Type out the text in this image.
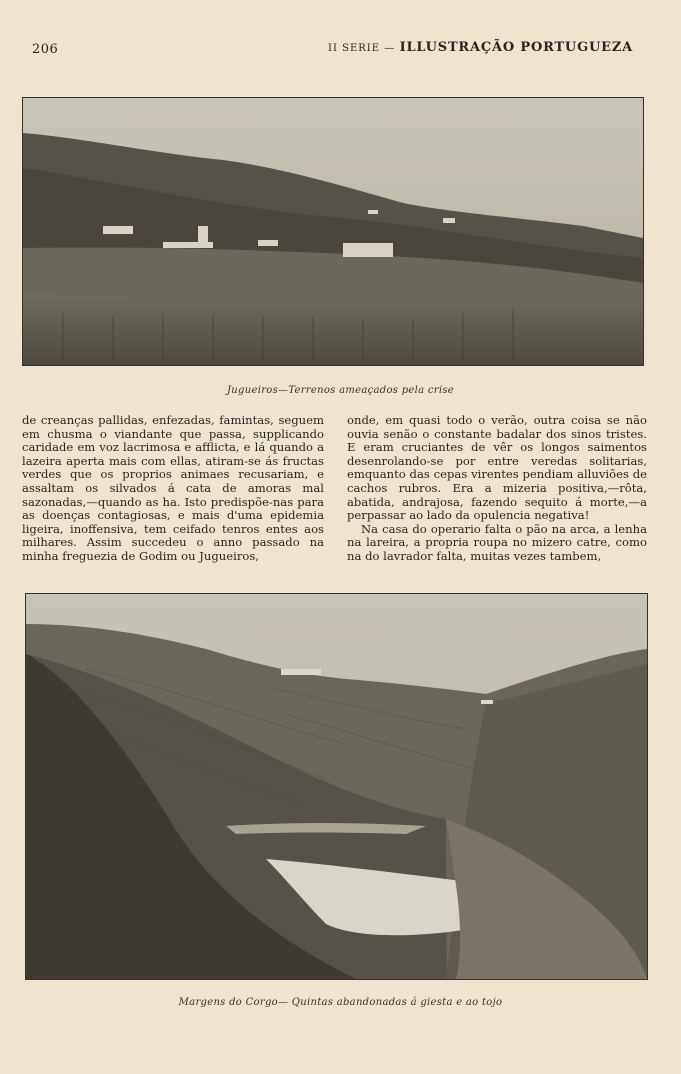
206	II SERIE — ILLUSTRAÇÃO PORTUGUEZA
Jugueiros—Terrenos ameaçados pela crise

de creanças pallidas, enfezadas, famintas, seguem em chusma o viandante que passa, supplicando caridade em voz lacrimosa e afflicta, e lá quando a lazeira aperta mais com ellas, atiram-se ás fructas verdes que os proprios animaes recusariam, e assaltam os silvados á cata de amoras mal sazonadas,—quando as ha. Isto predispõe-nas para as doenças contagiosas, e mais d'uma epidemia ligeira, inoffensiva, tem ceifado tenros entes aos milhares. Assim succedeu o anno passado na minha freguezia de Godim ou Jugueiros,

onde, em quasi todo o verão, outra coisa se não ouvia senão o constante badalar dos sinos tristes. E eram cruciantes de vêr os longos saimentos desenrolando-se por entre veredas solitarias, emquanto das cepas virentes pendiam alluviões de cachos rubros. Era a mizeria positiva,—rôta, abatida, andrajosa, fazendo sequito á morte,—a perpassar ao lado da opulencia negativa!

Na casa do operario falta o pão na arca, a lenha na lareira, a propria roupa no mizero catre, como na do lavrador falta, muitas vezes tambem,

Margens do Corgo— Quintas abandonadas á giesta e ao tojo
